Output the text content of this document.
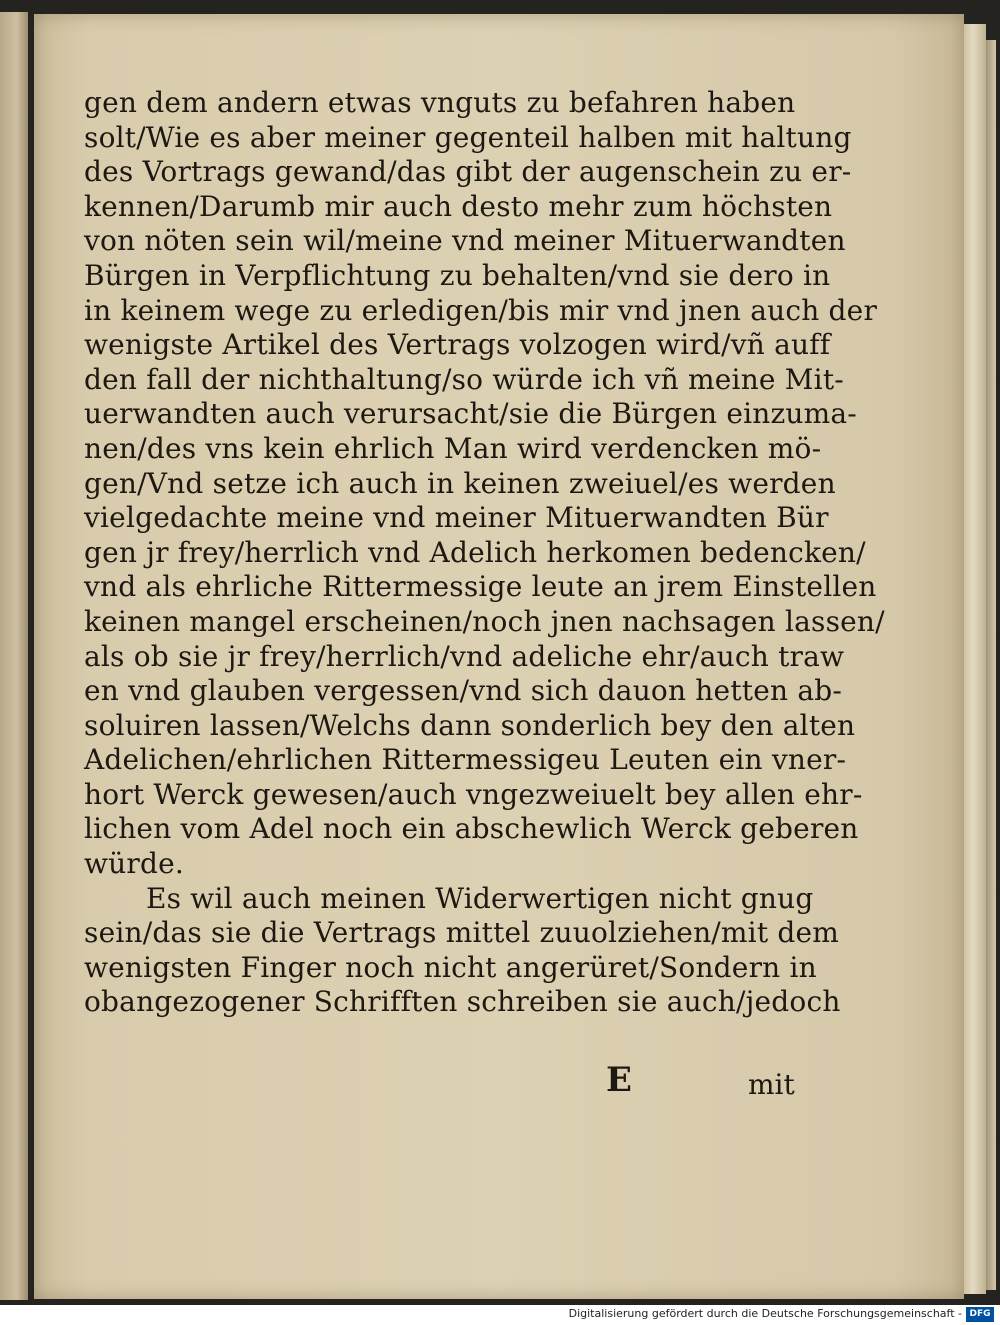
gen dem andern etwas vnguts zu befahren haben
solt/Wie es aber meiner gegenteil halben mit haltung
des Vortrags gewand/das gibt der augenschein zu er-
kennen/Darumb mir auch desto mehr zum höchsten
von nöten sein wil/meine vnd meiner Mituerwandten
Bürgen in Verpflichtung zu behalten/vnd sie dero in
in keinem wege zu erledigen/bis mir vnd jnen auch der
wenigste Artikel des Vertrags volzogen wird/vñ auff
den fall der nichthaltung/so würde ich vñ meine Mit-
uerwandten auch verursacht/sie die Bürgen einzuma-
nen/des vns kein ehrlich Man wird verdencken mö-
gen/Vnd setze ich auch in keinen zweiuel/es werden
vielgedachte meine vnd meiner Mituerwandten Bür
gen jr frey/herrlich vnd Adelich herkomen bedencken/
vnd als ehrliche Rittermessige leute an jrem Einstellen
keinen mangel erscheinen/noch jnen nachsagen lassen/
als ob sie jr frey/herrlich/vnd adeliche ehr/auch traw
en vnd glauben vergessen/vnd sich dauon hetten ab-
soluiren lassen/Welchs dann sonderlich bey den alten
Adelichen/ehrlichen Rittermessigeu Leuten ein vner-
hort Werck gewesen/auch vngezweiuelt bey allen ehr-
lichen vom Adel noch ein abschewlich Werck geberen
würde.
Es wil auch meinen Widerwertigen nicht gnug
sein/das sie die Vertrags mittel zuuolziehen/mit dem
wenigsten Finger noch nicht angerüret/Sondern in
obangezogener Schrifften schreiben sie auch/jedoch
E	mit
Digitalisierung gefördert durch die Deutsche Forschungsgemeinschaft - DFG
